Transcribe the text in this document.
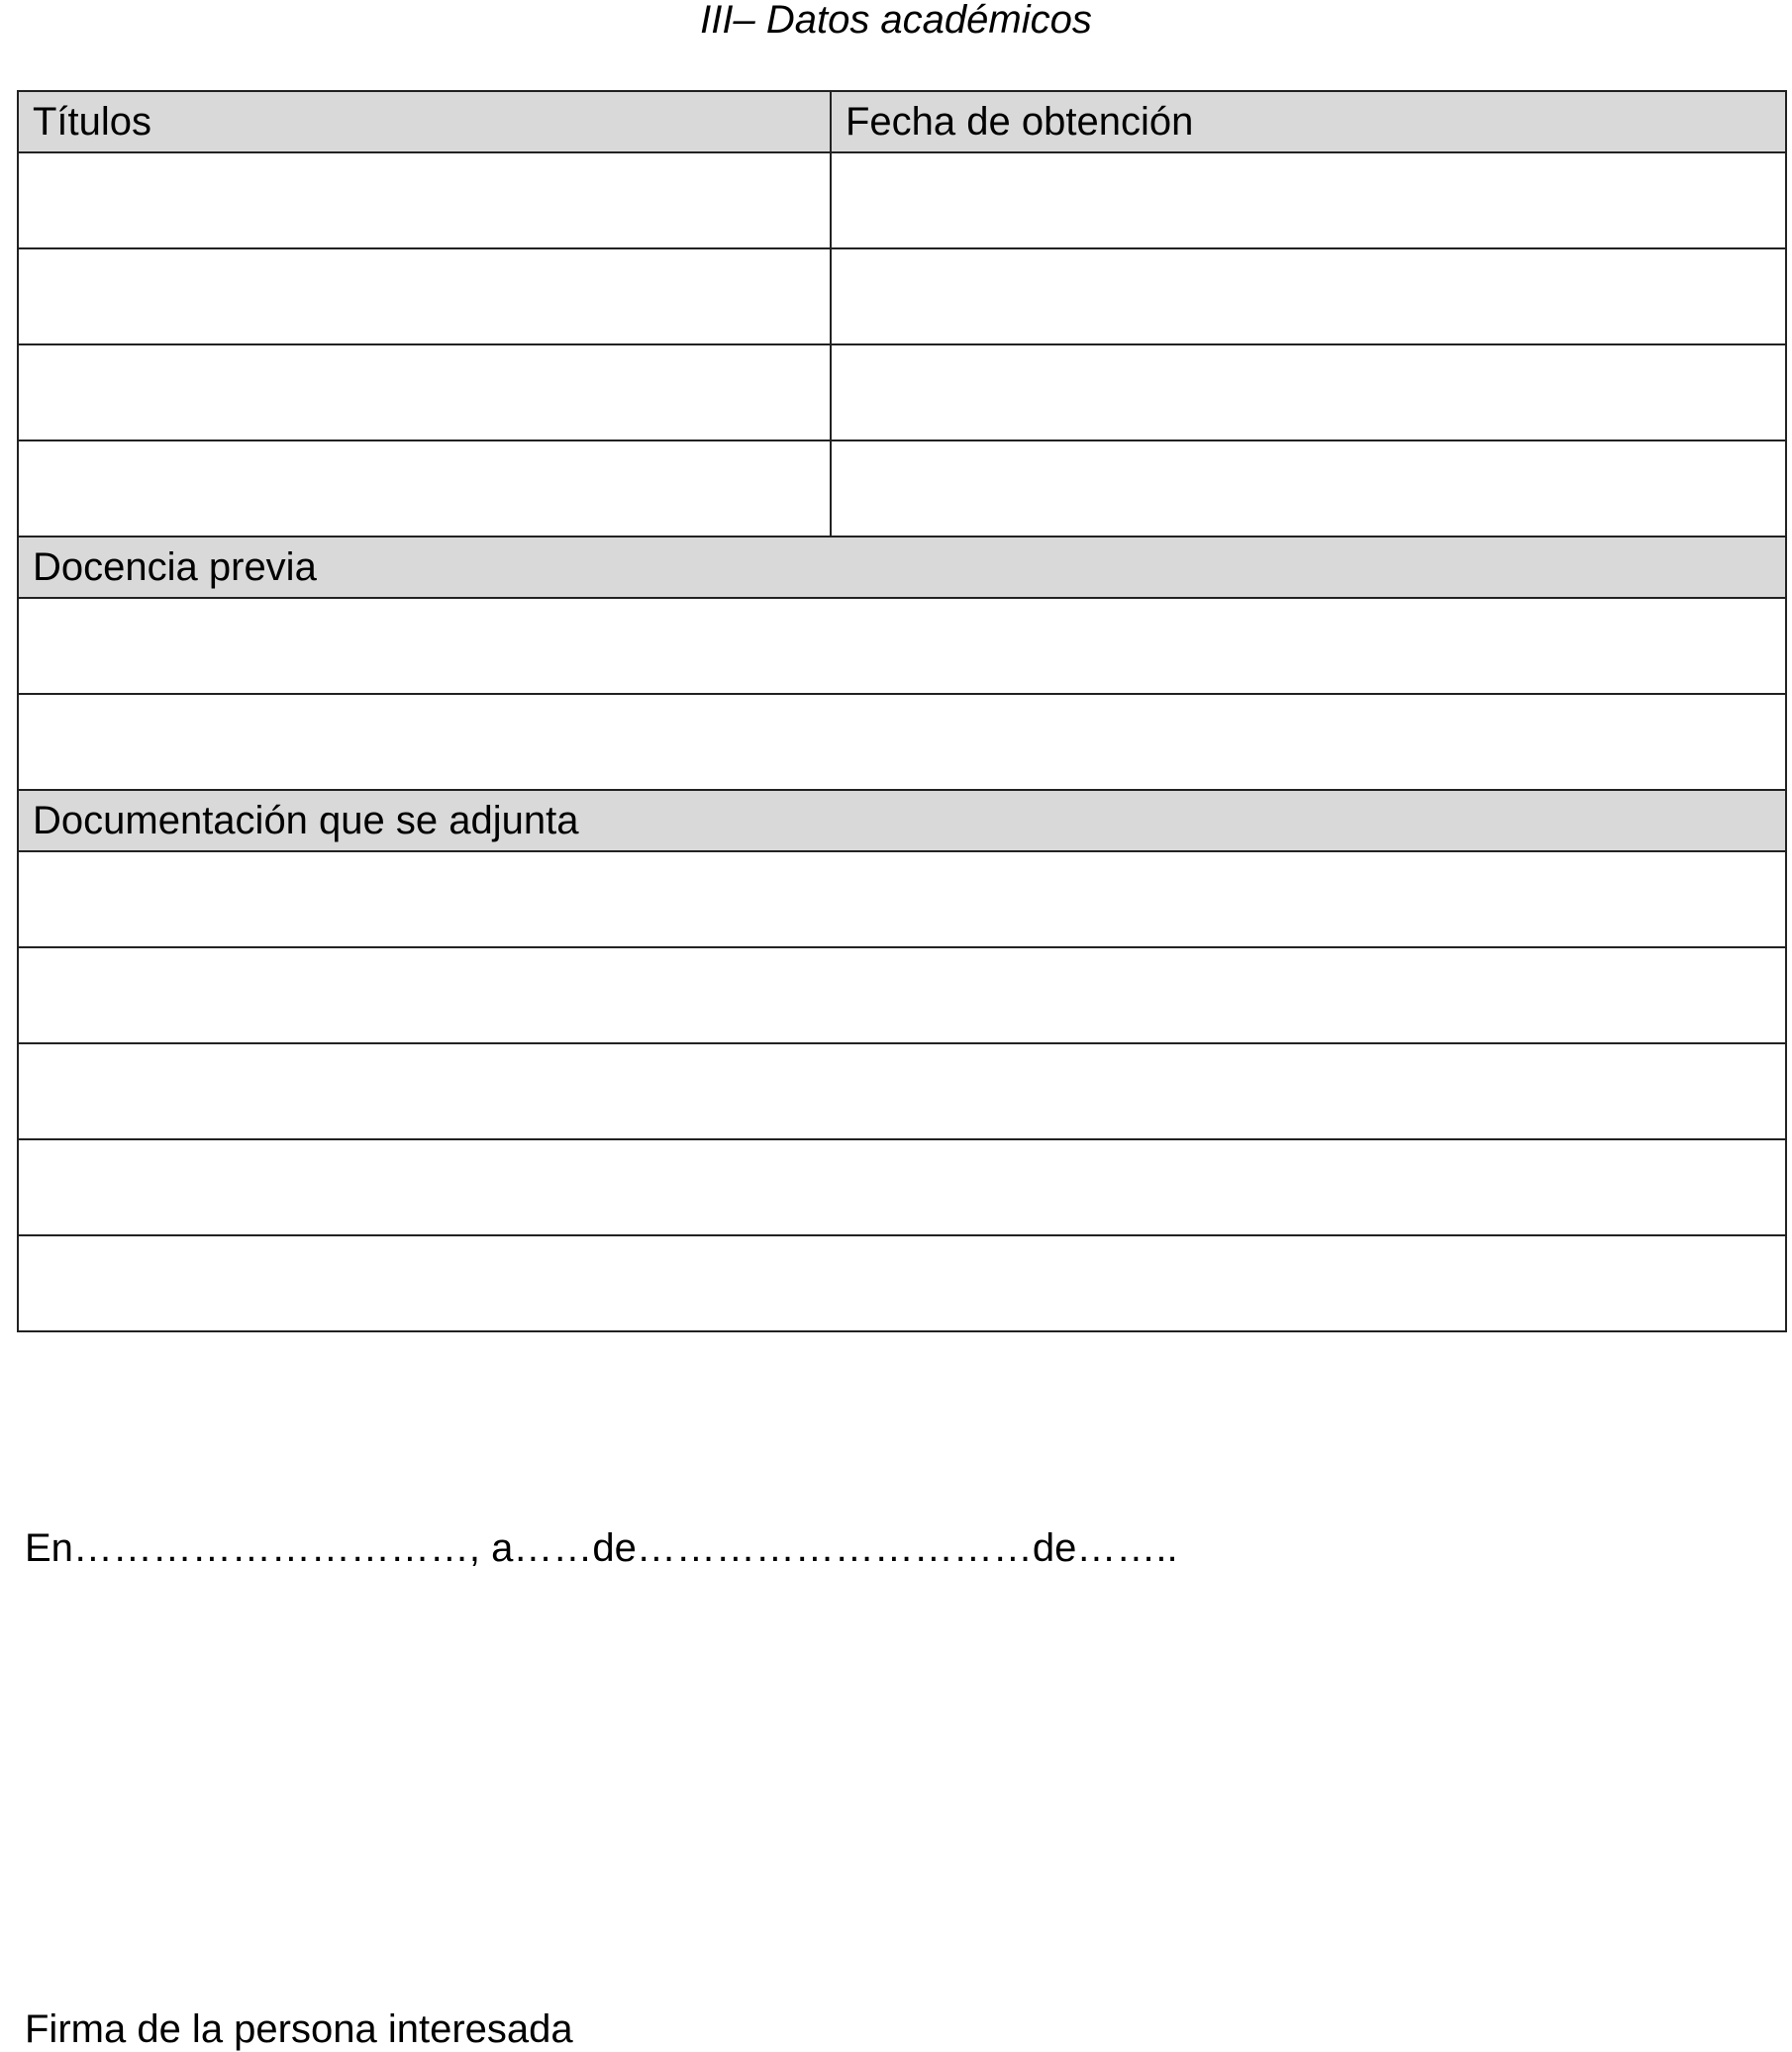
III– Datos académicos
Títulos	Fecha de obtención

Docencia previa	

Documentación que se adjunta	

En…………………………, a……de…………………………de……..
Firma de la persona interesada
